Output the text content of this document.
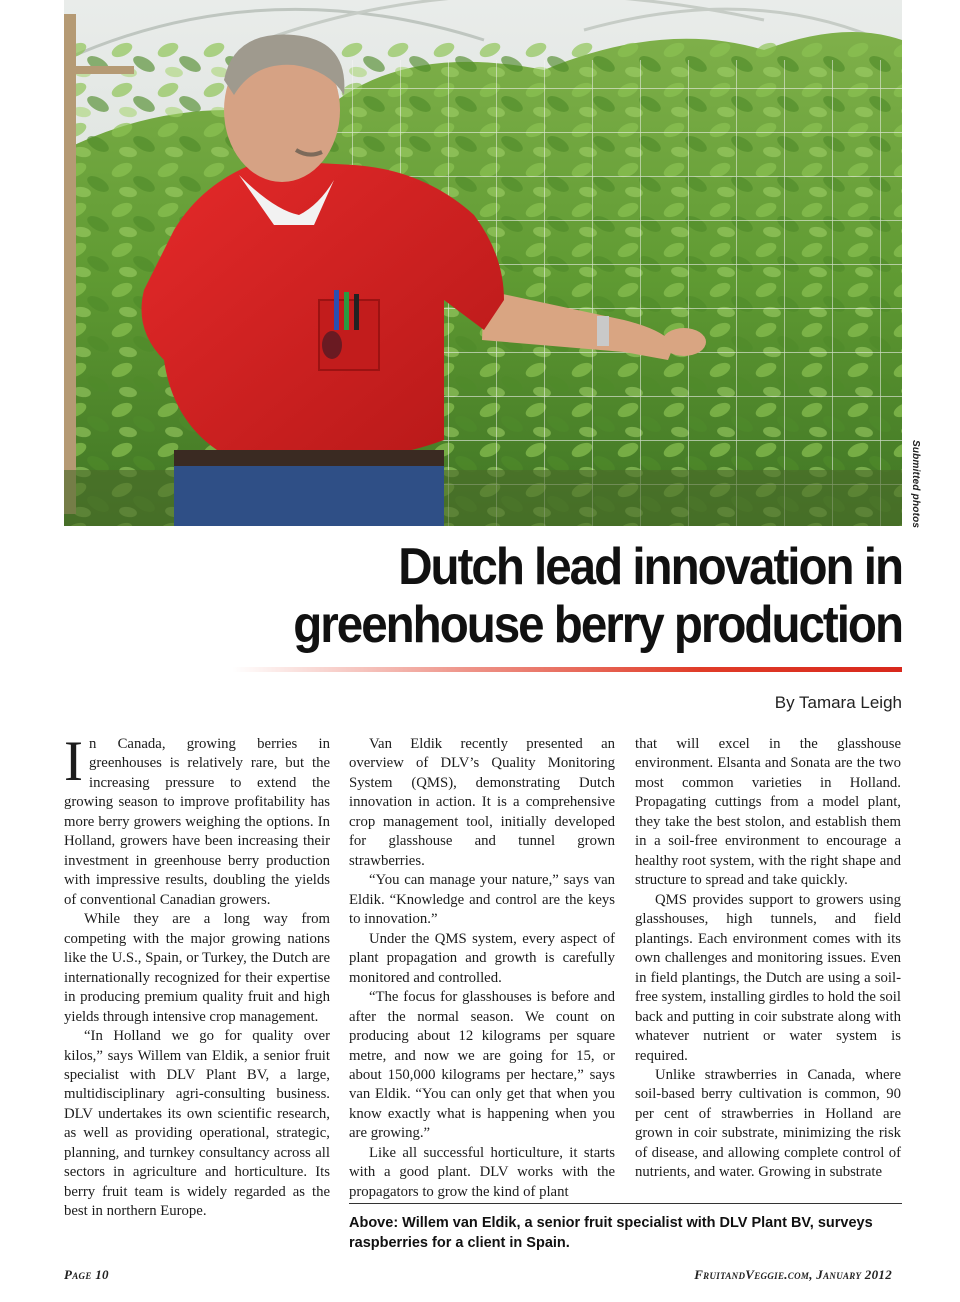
Submitted photos
Dutch lead innovation in
greenhouse berry production
By Tamara Leigh

In Canada, growing berries in greenhouses is relatively rare, but the increasing pressure to extend the growing season to improve profitability has more berry growers weighing the options. In Holland, growers have been increasing their investment in greenhouse berry production with impressive results, doubling the yields of conventional Canadian growers.

While they are a long way from competing with the major growing nations like the U.S., Spain, or Turkey, the Dutch are internationally recognized for their expertise in producing premium quality fruit and high yields through intensive crop management.

“In Holland we go for quality over kilos,” says Willem van Eldik, a senior fruit specialist with DLV Plant BV, a large, multidisciplinary agri-consulting business. DLV undertakes its own scientific research, as well as providing operational, strategic, planning, and turnkey consultancy across all sectors in agriculture and horticulture. Its berry fruit team is widely regarded as the best in northern Europe.

Van Eldik recently presented an overview of DLV’s Quality Monitoring System (QMS), demonstrating Dutch innovation in action. It is a comprehensive crop management tool, initially developed for glasshouse and tunnel grown strawberries.

“You can manage your nature,” says van Eldik. “Knowledge and control are the keys to innovation.”

Under the QMS system, every aspect of plant propagation and growth is carefully monitored and controlled.

“The focus for glasshouses is before and after the normal season. We count on producing about 12 kilograms per square metre, and now we are going for 15, or about 150,000 kilograms per hectare,” says van Eldik. “You can only get that when you know exactly what is happening when you are growing.”

Like all successful horticulture, it starts with a good plant. DLV works with the propagators to grow the kind of plant

that will excel in the glasshouse environment. Elsanta and Sonata are the two most common varieties in Holland. Propagating cuttings from a model plant, they take the best stolon, and establish them in a soil-free environment to encourage a healthy root system, with the right shape and structure to spread and take quickly.

QMS provides support to growers using glasshouses, high tunnels, and field plantings. Each environment comes with its own challenges and monitoring issues. Even in field plantings, the Dutch are using a soil-free system, installing girdles to hold the soil back and putting in coir substrate along with whatever nutrient or water system is required.

Unlike strawberries in Canada, where soil-based berry cultivation is common, 90 per cent of strawberries in Holland are grown in coir substrate, minimizing the risk of disease, and allowing complete control of nutrients, and water. Growing in substrate

Above: Willem van Eldik, a senior fruit specialist with DLV Plant BV, surveys raspberries for a client in Spain.
Page 10	FruitandVeggie.com, January 2012
